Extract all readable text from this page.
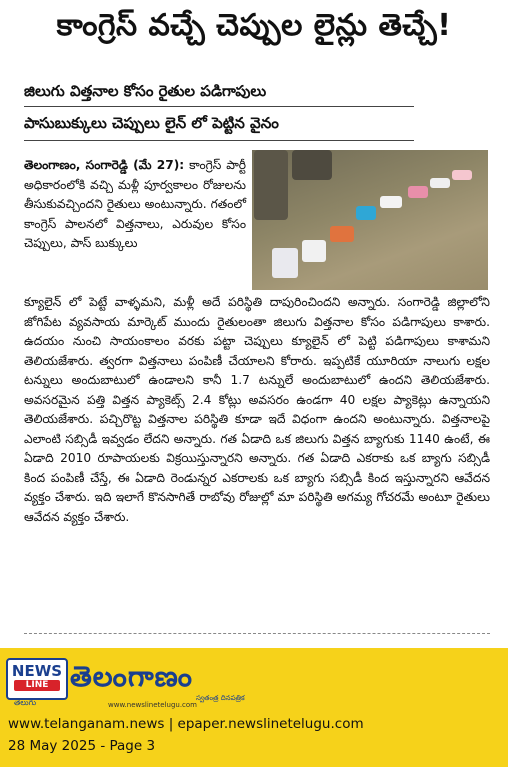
కాంగ్రెస్ వచ్చే చెప్పుల లైన్లు తెచ్చే!
జిలుగు విత్తనాల కోసం రైతుల పడిగాపులు
పాసుబుక్కులు చెప్పులు లైన్ లో పెట్టిన వైనం
తెలంగాణం, సంగారెడ్డి (మే 27): కాంగ్రెస్ పార్టీ అధికారంలోకి వచ్చి మళ్లీ పూర్వకాలం రోజులను తీసుకువచ్చిందని రైతులు అంటున్నారు. గతంలో కాంగ్రెస్ పాలనలో విత్తనాలు, ఎరువుల కోసం చెప్పులు, పాస్ బుక్కులు
క్యూలైన్ లో పెట్టే వాళ్ళమని, మళ్లీ అదే పరిస్థితి దాపురించిందని అన్నారు. సంగారెడ్డి జిల్లాలోని జోగిపేట వ్యవసాయ మార్కెట్ ముందు రైతులంతా జిలుగు విత్తనాల కోసం పడిగాపులు కాశారు. ఉదయం నుంచి సాయంకాలం వరకు పట్టా చెప్పులు క్యూలైన్ లో పెట్టి పడిగాపులు కాశామని తెలియజేశారు. త్వరగా విత్తనాలు పంపిణీ చేయాలని కోరారు. ఇప్పటికే యూరియా నాలుగు లక్షల టన్నులు అందుబాటులో ఉండాలని కానీ 1.7 టన్నులే అందుబాటులో ఉందని తెలియజేశారు. అవసరమైన పత్తి విత్తన ప్యాకెట్స్ 2.4 కోట్లు అవసరం ఉండగా 40 లక్షల ప్యాకెట్లు ఉన్నాయని తెలియజేశారు. పచ్చిరొట్ట విత్తనాల పరిస్థితి కూడా ఇదే విధంగా ఉందని అంటున్నారు. విత్తనాలపై ఎలాంటి సబ్సిడీ ఇవ్వడం లేదని అన్నారు. గత ఏడాది ఒక జిలుగు విత్తన బ్యాగుకు 1140 ఉంటే, ఈ ఏడాది 2010 రూపాయలకు విక్రయిస్తున్నారని అన్నారు. గత ఏడాది ఎకరాకు ఒక బ్యాగు సబ్సిడీ కింద పంపిణీ చేస్తే, ఈ ఏడాది రెండున్నర ఎకరాలకు ఒక బ్యాగు సబ్సిడీ కింద ఇస్తున్నారని ఆవేదన వ్యక్తం చేశారు. ఇది ఇలాగే కొనసాగితే రాబోవు రోజుల్లో మా పరిస్థితి అగమ్య గోచరమే అంటూ రైతులు ఆవేదన వ్యక్తం చేశారు.
NEWS
LINE
తెలుగు
తెలంగాణం
స్వతంత్ర దినపత్రిక
www.newslinetelugu.com
www.telanganam.news | epaper.newslinetelugu.com
28 May 2025 - Page 3
